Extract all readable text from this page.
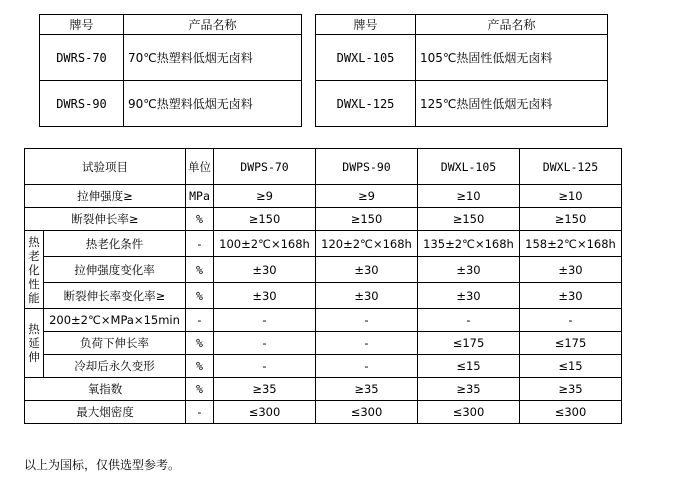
牌号	产品名称
DWRS-70	70℃热塑料低烟无卤料
DWRS-90	90℃热塑料低烟无卤料
牌号	产品名称
DWXL-105	105℃热固性低烟无卤料
DWXL-125	125℃热固性低烟无卤料
试验项目		单位	DWPS-70	DWPS-90	DWXL-105	DWXL-125
拉伸强度≥		MPa	≥9	≥9	≥10	≥10
断裂伸长率≥		%	≥150	≥150	≥150	≥150
热老化性能	热老化条件	-	100±2℃×168h	120±2℃×168h	135±2℃×168h	158±2℃×168h
	拉伸强度变化率	%	±30	±30	±30	±30
	断裂伸长率变化率≥	%	±30	±30	±30	±30
热延伸	200±2℃×MPa×15min	-	-	-	-	-
	负荷下伸长率	%	-	-	≤175	≤175
	冷却后永久变形	%	-	-	≤15	≤15
氧指数		%	≥35	≥35	≥35	≥35
最大烟密度		-	≤300	≤300	≤300	≤300
以上为国标，仅供选型参考。
